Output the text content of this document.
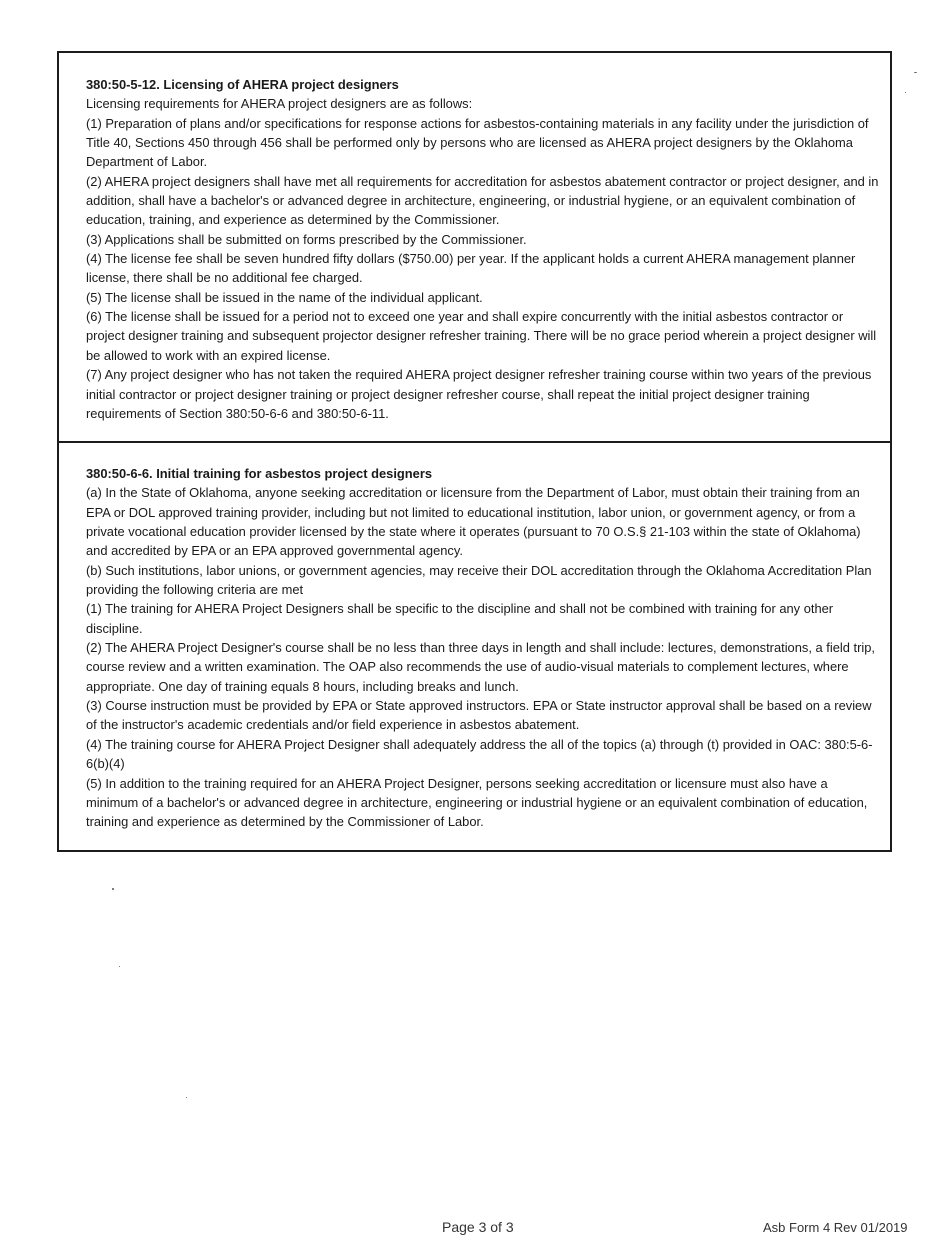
380:50-5-12. Licensing of AHERA project designers

Licensing requirements for AHERA project designers are as follows:

(1) Preparation of plans and/or specifications for response actions for asbestos-containing materials in any facility under the jurisdiction of Title 40, Sections 450 through 456 shall be performed only by persons who are licensed as AHERA project designers by the Oklahoma Department of Labor.

(2) AHERA project designers shall have met all requirements for accreditation for asbestos abatement contractor or project designer, and in addition, shall have a bachelor's or advanced degree in architecture, engineering, or industrial hygiene, or an equivalent combination of education, training, and experience as determined by the Commissioner.

(3) Applications shall be submitted on forms prescribed by the Commissioner.

(4) The license fee shall be seven hundred fifty dollars ($750.00) per year. If the applicant holds a current AHERA management planner license, there shall be no additional fee charged.

(5) The license shall be issued in the name of the individual applicant.

(6) The license shall be issued for a period not to exceed one year and shall expire concurrently with the initial asbestos contractor or project designer training and subsequent projector designer refresher training. There will be no grace period wherein a project designer will be allowed to work with an expired license.

(7) Any project designer who has not taken the required AHERA project designer refresher training course within two years of the previous initial contractor or project designer training or project designer refresher course, shall repeat the initial project designer training requirements of Section 380:50-6-6 and 380:50-6-11.

380:50-6-6. Initial training for asbestos project designers

(a) In the State of Oklahoma, anyone seeking accreditation or licensure from the Department of Labor, must obtain their training from an EPA or DOL approved training provider, including but not limited to educational institution, labor union, or government agency, or from a private vocational education provider licensed by the state where it operates (pursuant to 70 O.S.§ 21-103 within the state of Oklahoma) and accredited by EPA or an EPA approved governmental agency.

(b) Such institutions, labor unions, or government agencies, may receive their DOL accreditation through the Oklahoma Accreditation Plan providing the following criteria are met

(1) The training for AHERA Project Designers shall be specific to the discipline and shall not be combined with training for any other discipline.

(2) The AHERA Project Designer's course shall be no less than three days in length and shall include: lectures, demonstrations, a field trip, course review and a written examination. The OAP also recommends the use of audio-visual materials to complement lectures, where appropriate. One day of training equals 8 hours, including breaks and lunch.

(3) Course instruction must be provided by EPA or State approved instructors. EPA or State instructor approval shall be based on a review of the instructor's academic credentials and/or field experience in asbestos abatement.

(4) The training course for AHERA Project Designer shall adequately address the all of the topics (a) through (t) provided in OAC: 380:5-6-6(b)(4)

(5) In addition to the training required for an AHERA Project Designer, persons seeking accreditation or licensure must also have a minimum of a bachelor's or advanced degree in architecture, engineering or industrial hygiene or an equivalent combination of education, training and experience as determined by the Commissioner of Labor.

Page 3 of 3	Asb Form 4 Rev 01/2019
